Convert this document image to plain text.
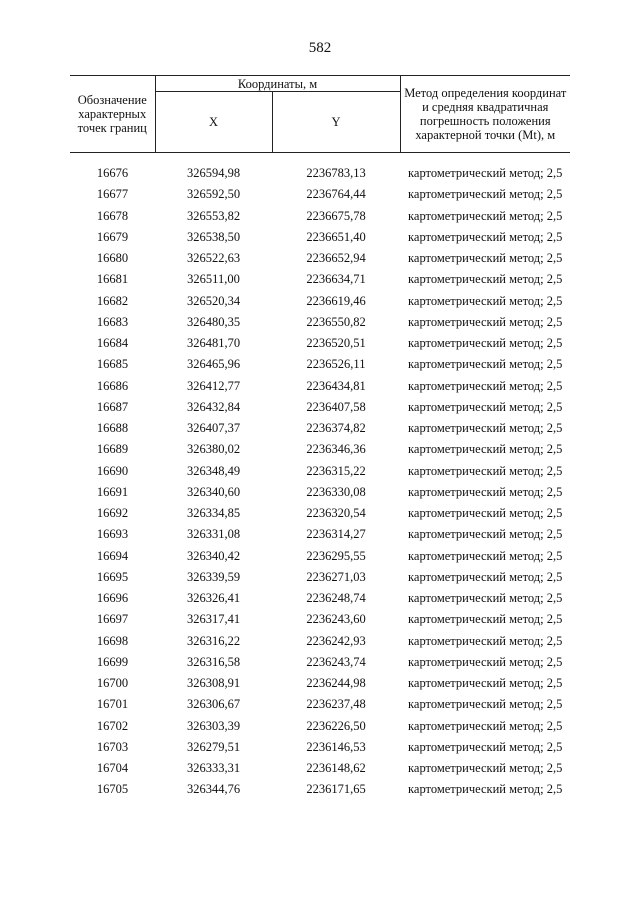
582
Обозначение характерных точек границ	Координаты, м		Метод определения координат и средняя квадратичная погрешность положения характерной точки (Mt), м
	X	Y	
16676	326594,98	2236783,13	картометрический метод; 2,5
16677	326592,50	2236764,44	картометрический метод; 2,5
16678	326553,82	2236675,78	картометрический метод; 2,5
16679	326538,50	2236651,40	картометрический метод; 2,5
16680	326522,63	2236652,94	картометрический метод; 2,5
16681	326511,00	2236634,71	картометрический метод; 2,5
16682	326520,34	2236619,46	картометрический метод; 2,5
16683	326480,35	2236550,82	картометрический метод; 2,5
16684	326481,70	2236520,51	картометрический метод; 2,5
16685	326465,96	2236526,11	картометрический метод; 2,5
16686	326412,77	2236434,81	картометрический метод; 2,5
16687	326432,84	2236407,58	картометрический метод; 2,5
16688	326407,37	2236374,82	картометрический метод; 2,5
16689	326380,02	2236346,36	картометрический метод; 2,5
16690	326348,49	2236315,22	картометрический метод; 2,5
16691	326340,60	2236330,08	картометрический метод; 2,5
16692	326334,85	2236320,54	картометрический метод; 2,5
16693	326331,08	2236314,27	картометрический метод; 2,5
16694	326340,42	2236295,55	картометрический метод; 2,5
16695	326339,59	2236271,03	картометрический метод; 2,5
16696	326326,41	2236248,74	картометрический метод; 2,5
16697	326317,41	2236243,60	картометрический метод; 2,5
16698	326316,22	2236242,93	картометрический метод; 2,5
16699	326316,58	2236243,74	картометрический метод; 2,5
16700	326308,91	2236244,98	картометрический метод; 2,5
16701	326306,67	2236237,48	картометрический метод; 2,5
16702	326303,39	2236226,50	картометрический метод; 2,5
16703	326279,51	2236146,53	картометрический метод; 2,5
16704	326333,31	2236148,62	картометрический метод; 2,5
16705	326344,76	2236171,65	картометрический метод; 2,5
